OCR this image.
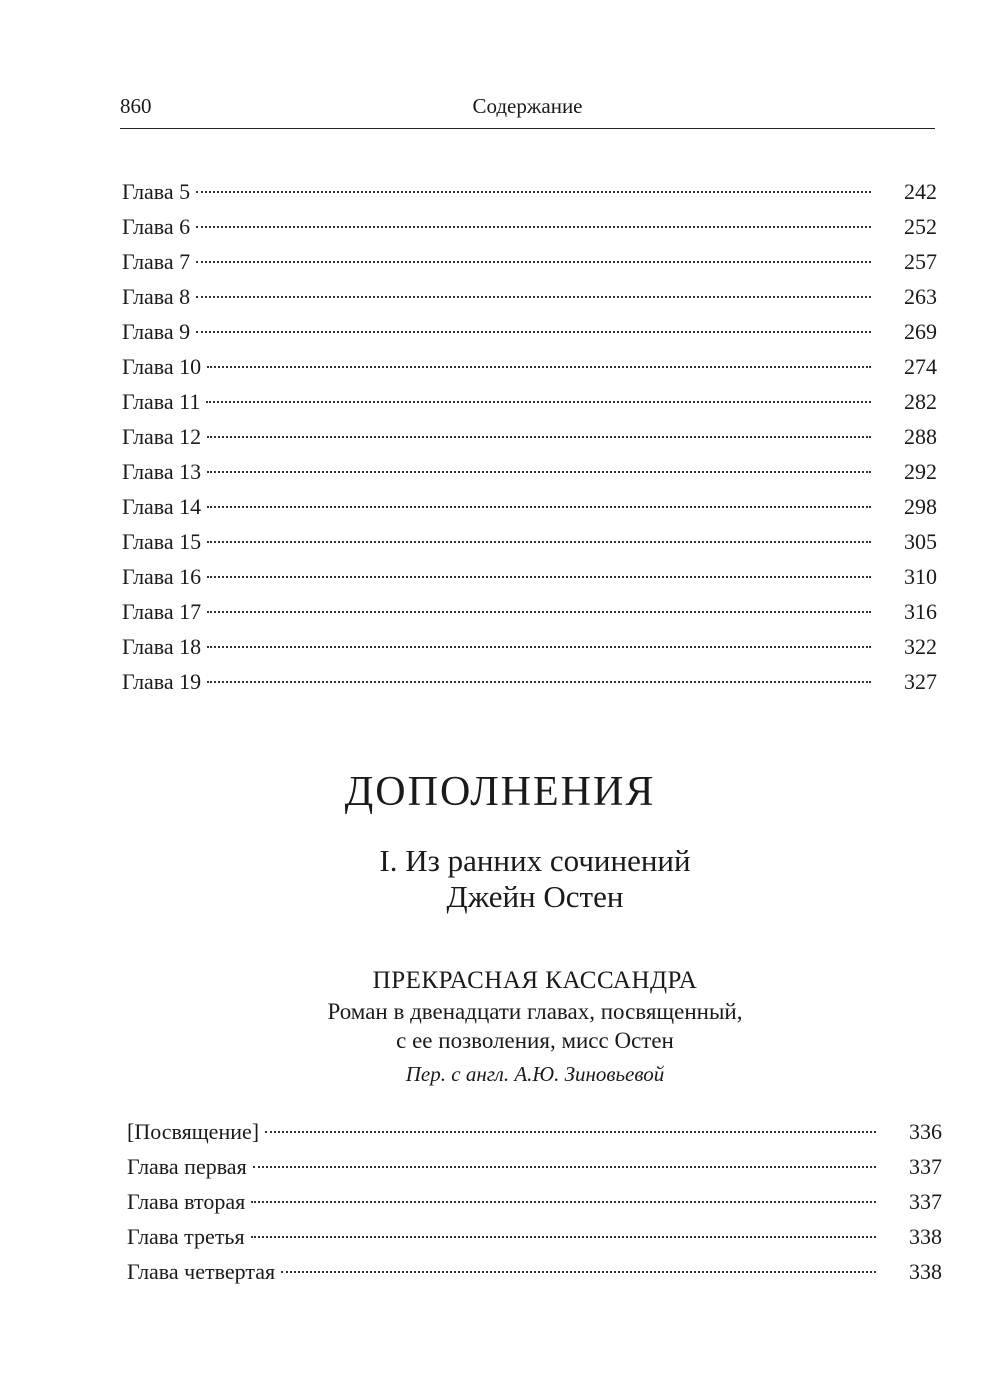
860	Содержание
Глава 5	242
Глава 6	252
Глава 7	257
Глава 8	263
Глава 9	269
Глава 10	274
Глава 11	282
Глава 12	288
Глава 13	292
Глава 14	298
Глава 15	305
Глава 16	310
Глава 17	316
Глава 18	322
Глава 19	327
ДОПОЛНЕНИЯ
I. Из ранних сочинений
Джейн Остен
ПРЕКРАСНАЯ КАССАНДРА
Роман в двенадцати главах, посвященный,
с ее позволения, мисс Остен
Пер. с англ. А.Ю. Зиновьевой
[Посвящение]	336
Глава первая	337
Глава вторая	337
Глава третья	338
Глава четвертая	338
